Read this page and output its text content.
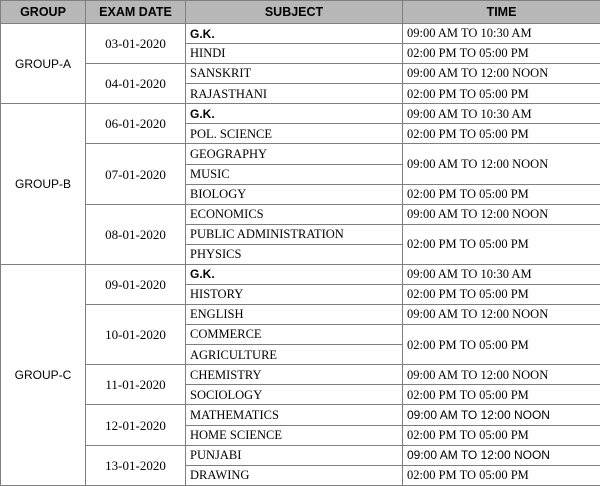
GROUP	EXAM DATE	SUBJECT	TIME
GROUP-A	03-01-2020	G.K.	09:00 AM TO 10:30 AM
		HINDI	02:00 PM TO 05:00 PM
	04-01-2020	SANSKRIT	09:00 AM TO 12:00 NOON
		RAJASTHANI	02:00 PM TO 05:00 PM
GROUP-B	06-01-2020	G.K.	09:00 AM TO 10:30 AM
		POL. SCIENCE	02:00 PM TO 05:00 PM
	07-01-2020	GEOGRAPHY	09:00 AM TO 12:00 NOON
		MUSIC	
		BIOLOGY	02:00 PM TO 05:00 PM
	08-01-2020	ECONOMICS	09:00 AM TO 12:00 NOON
		PUBLIC ADMINISTRATION	02:00 PM TO 05:00 PM
		PHYSICS	
GROUP-C	09-01-2020	G.K.	09:00 AM TO 10:30 AM
		HISTORY	02:00 PM TO 05:00 PM
	10-01-2020	ENGLISH	09:00 AM TO 12:00 NOON
		COMMERCE	02:00 PM TO 05:00 PM
		AGRICULTURE	
	11-01-2020	CHEMISTRY	09:00 AM TO 12:00 NOON
		SOCIOLOGY	02:00 PM TO 05:00 PM
	12-01-2020	MATHEMATICS	09:00 AM TO 12:00 NOON
		HOME SCIENCE	02:00 PM TO 05:00 PM
	13-01-2020	PUNJABI	09:00 AM TO 12:00 NOON
		DRAWING	02:00 PM TO 05:00 PM
